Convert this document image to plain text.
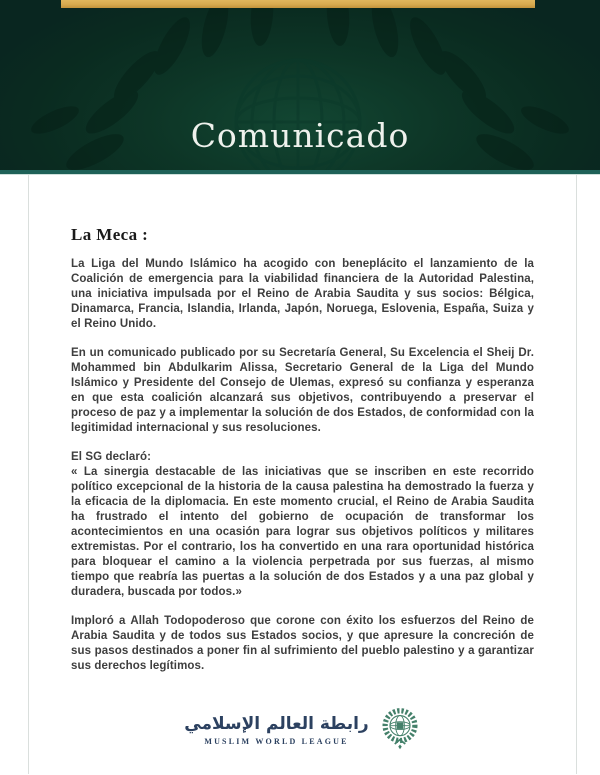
Comunicado
La Meca :

La Liga del Mundo Islámico ha acogido con beneplácito el lanzamiento de la Coalición de emergencia para la viabilidad financiera de la Autoridad Palestina, una iniciativa impulsada por el Reino de Arabia Saudita y sus socios: Bélgica, Dinamarca, Francia, Islandia, Irlanda, Japón, Noruega, Eslovenia, España, Suiza y el Reino Unido.

En un comunicado publicado por su Secretaría General, Su Excelencia el Sheij Dr. Mohammed bin Abdulkarim Alissa, Secretario General de la Liga del Mundo Islámico y Presidente del Consejo de Ulemas, expresó su confianza y esperanza en que esta coalición alcanzará sus objetivos, contribuyendo a preservar el proceso de paz y a implementar la solución de dos Estados, de conformidad con la legitimidad internacional y sus resoluciones.

El SG declaró:
« La sinergia destacable de las iniciativas que se inscriben en este recorrido político excepcional de la historia de la causa palestina ha demostrado la fuerza y la eficacia de la diplomacia. En este momento crucial, el Reino de Arabia Saudita ha frustrado el intento del gobierno de ocupación de transformar los acontecimientos en una ocasión para lograr sus objetivos políticos y militares extremistas. Por el contrario, los ha convertido en una rara oportunidad histórica para bloquear el camino a la violencia perpetrada por sus fuerzas, al mismo tiempo que reabría las puertas a la solución de dos Estados y a una paz global y duradera, buscada por todos.»

Imploró a Allah Todopoderoso que corone con éxito los esfuerzos del Reino de Arabia Saudita y de todos sus Estados socios, y que apresure la concreción de sus pasos destinados a poner fin al sufrimiento del pueblo palestino y a garantizar sus derechos legítimos.

رابطة العالم الإسلامي
MUSLIM WORLD LEAGUE
